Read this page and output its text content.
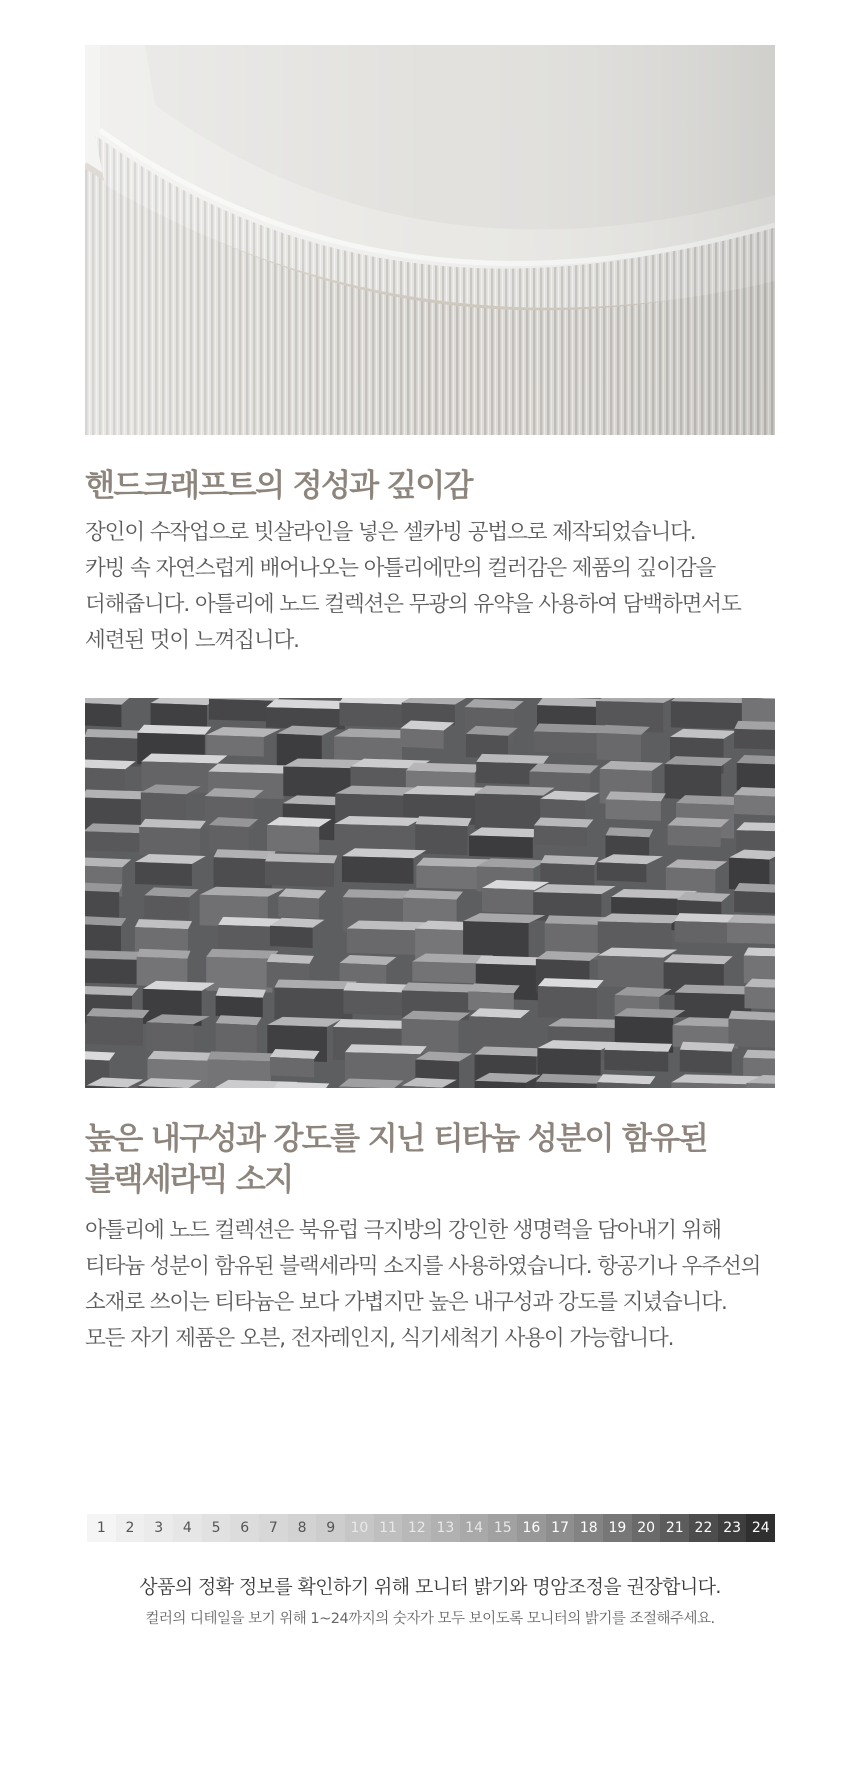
핸드크래프트의 정성과 깊이감

장인이 수작업으로 빗살라인을 넣은 셀카빙 공법으로 제작되었습니다.
카빙 속 자연스럽게 배어나오는 아틀리에만의 컬러감은 제품의 깊이감을
더해줍니다. 아틀리에 노드 컬렉션은 무광의 유약을 사용하여 담백하면서도
세련된 멋이 느껴집니다.

높은 내구성과 강도를 지닌 티타늄 성분이 함유된
블랙세라믹 소지

아틀리에 노드 컬렉션은 북유럽 극지방의 강인한 생명력을 담아내기 위해
티타늄 성분이 함유된 블랙세라믹 소지를 사용하였습니다. 항공기나 우주선의
소재로 쓰이는 티타늄은 보다 가볍지만 높은 내구성과 강도를 지녔습니다.
모든 자기 제품은 오븐, 전자레인지, 식기세척기 사용이 가능합니다.

1	2	3	4	5	6	7	8	9	10 11 12 13 14 15 16 17 18 19 20 21 22 23 24

상품의 정확 정보를 확인하기 위해 모니터 밝기와 명암조정을 권장합니다.

컬러의 디테일을 보기 위해 1~24까지의 숫자가 모두 보이도록 모니터의 밝기를 조절해주세요.
